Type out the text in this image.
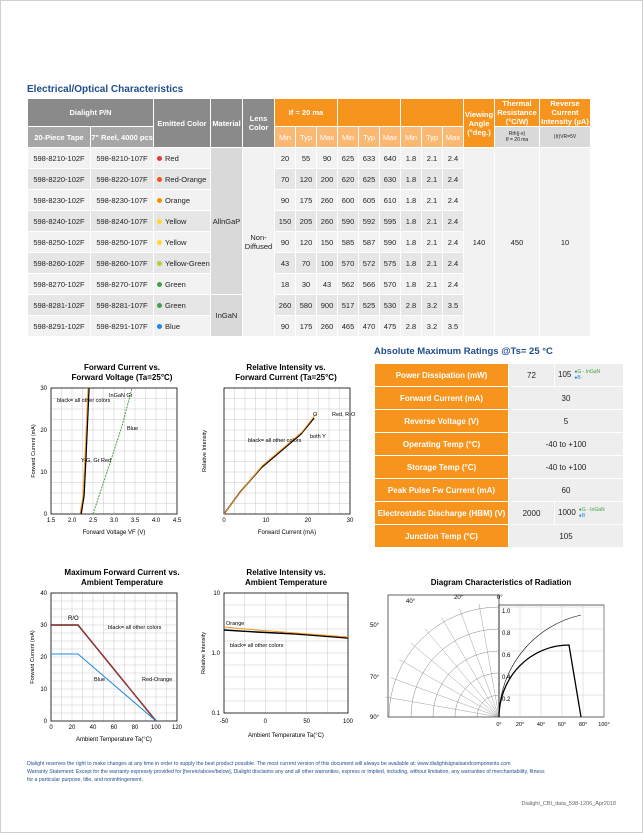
Electrical/Optical Characteristics
Dialight P/N		Emitted Color	Material	Lens Color	If = 20 ma									Viewing Angle (°deg.)	Thermal Resistance (°C/W)	Reverse Current Intensity (µA)
20-Piece Tape	7" Reel, 4000 pcs				Min	Typ	Max	Min	Typ	Max	Min	Typ	Max		Rth(j-s)
If = 20 ma	(Ir)VR=5V
598-8210-102F	598-8210-107F	Red	AllnGaP	Non-Diffused	20	55	90	625	633	640	1.8	2.1	2.4	140	450	10
598-8220-102F	598-8220-107F	Red-Orange			70	120	200	620	625	630	1.8	2.1	2.4			
598-8230-102F	598-8230-107F	Orange			90	175	260	600	605	610	1.8	2.1	2.4			
598-8240-102F	598-8240-107F	Yellow			150	205	260	590	592	595	1.8	2.1	2.4			
598-8250-102F	598-8250-107F	Yellow			90	120	150	585	587	590	1.8	2.1	2.4			
598-8260-102F	598-8260-107F	Yellow-Green			43	70	100	570	572	575	1.8	2.1	2.4			
598-8270-102F	598-8270-107F	Green			18	30	43	562	566	570	1.8	2.1	2.4			
598-8281-102F	598-8281-107F	Green	InGaN		260	580	900	517	525	530	2.8	3.2	3.5			
598-8291-102F	598-8291-107F	Blue			90	175	260	465	470	475	2.8	3.2	3.5			
Absolute Maximum Ratings @Ts= 25 °C
Power Dissipation (mW)	72	105 ●G - InGaN
●B
Forward Current (mA)	30	
Reverse Voltage (V)	5	
Operating Temp (°C)	-40 to +100	
Storage Temp (°C)	-40 to +100	
Peak Pulse Fw Current (mA)	60	
Electrostatic Discharge (HBM) (V)	2000	1000 ●G - InGaN
●B
Junction Temp (°C)	105	
Forward Current vs.
Forward Voltage (Ta=25°C)
black= all other colors
InGaN Gr
Blue
Y-G, Gr Red
1.5 2.0 2.5 3.0 3.5 4.0 4.5
0
10
20
30
Forward Current (mA)
Forward Voltage VF (V)
Relative Intensity vs.
Forward Current (Ta=25°C)
O	Red, R-O
both Y
black= all other colors
0	10	20	30
Relative Intensity
Forward Current (mA)
Maximum Forward Current vs.
Ambient Temperature
R/O
black= all other colors
Blue	Red-Orange
0	20 40 60 80 100 120
0
10
20
30
40
Forward Current (mA)
Ambient Temperature Ta(°C)
Relative Intensity vs.
Ambient Temperature
Orange
black= all other colors
-50	0	50	100
0.1
1.0
10
Relative Intensity
Ambient Temperature Ta(°C)
Diagram Characteristics of Radiation
40°
20°	0°
50°
70°
90°
1.0
0.8
0.6
0.4
0.2
0°	20° 40° 60° 80° 100°
Dialight reserves the right to make changes at any time in order to supply the best product possible. The most current version of this document will always be available at: www.dialightsignalsandcomponents.com
Warranty Statement: Except for the warranty expressly provided for [herein/above/below], Dialight disclaims any and all other warranties, express or implied, including, without limitation, any warranties of merchantability, fitness
for a particular purpose, title, and noninfringement.
Dialight_CBI_data_598-1206_Apr2018
